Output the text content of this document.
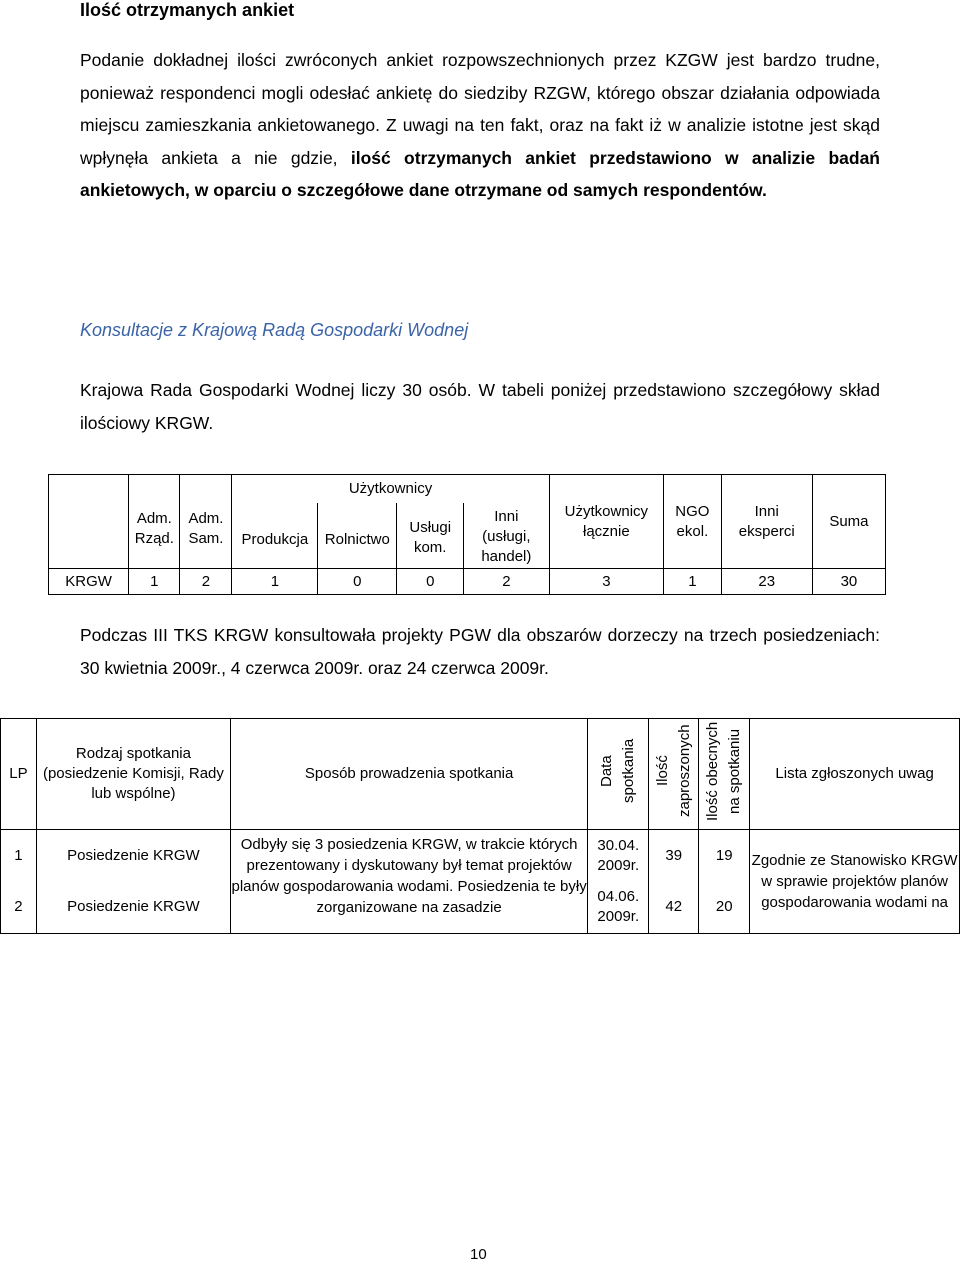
Ilość otrzymanych ankiet
Podanie dokładnej ilości zwróconych ankiet rozpowszechnionych przez KZGW jest bardzo trudne, ponieważ respondenci mogli odesłać ankietę do siedziby RZGW, którego obszar działania odpowiada miejscu zamieszkania ankietowanego. Z uwagi na ten fakt, oraz na fakt iż w analizie istotne jest skąd wpłynęła ankieta a nie gdzie, ilość otrzymanych ankiet przedstawiono w analizie badań ankietowych, w oparciu o szczegółowe dane otrzymane od samych respondentów.
Konsultacje z Krajową Radą Gospodarki Wodnej
Krajowa Rada Gospodarki Wodnej liczy 30 osób. W tabeli poniżej przedstawiono szczegółowy skład ilościowy KRGW.

	Adm. Rząd.	Adm. Sam.	Użytkownicy				Użytkownicy łącznie	NGO ekol.	Inni eksperci	Suma
			Produkcja	Rolnictwo	Usługi kom.	Inni (usługi, handel)				

KRGW	1	2	1	0	0	2	3	1	23	30
Podczas III TKS KRGW konsultowała projekty PGW dla obszarów dorzeczy na trzech posiedzeniach: 30 kwietnia 2009r., 4 czerwca 2009r. oraz 24 czerwca 2009r.
LP	Rodzaj spotkania (posiedzenie Komisji, Rady lub wspólne)	Sposób prowadzenia spotkania	Data spotkania	Ilość zaproszonych	Ilość obecnych na spotkaniu	Lista zgłoszonych uwag
1	Posiedzenie KRGW	Odbyły się 3 posiedzenia KRGW, w trakcie których prezentowany i dyskutowany był temat projektów planów gospodarowania wodami. Posiedzenia te były zorganizowane na zasadzie	30.04. 2009r.	39	19	Zgodnie ze Stanowisko KRGW w sprawie projektów planów gospodarowania wodami na
2	Posiedzenie KRGW		04.06. 2009r.	42	20	
10
